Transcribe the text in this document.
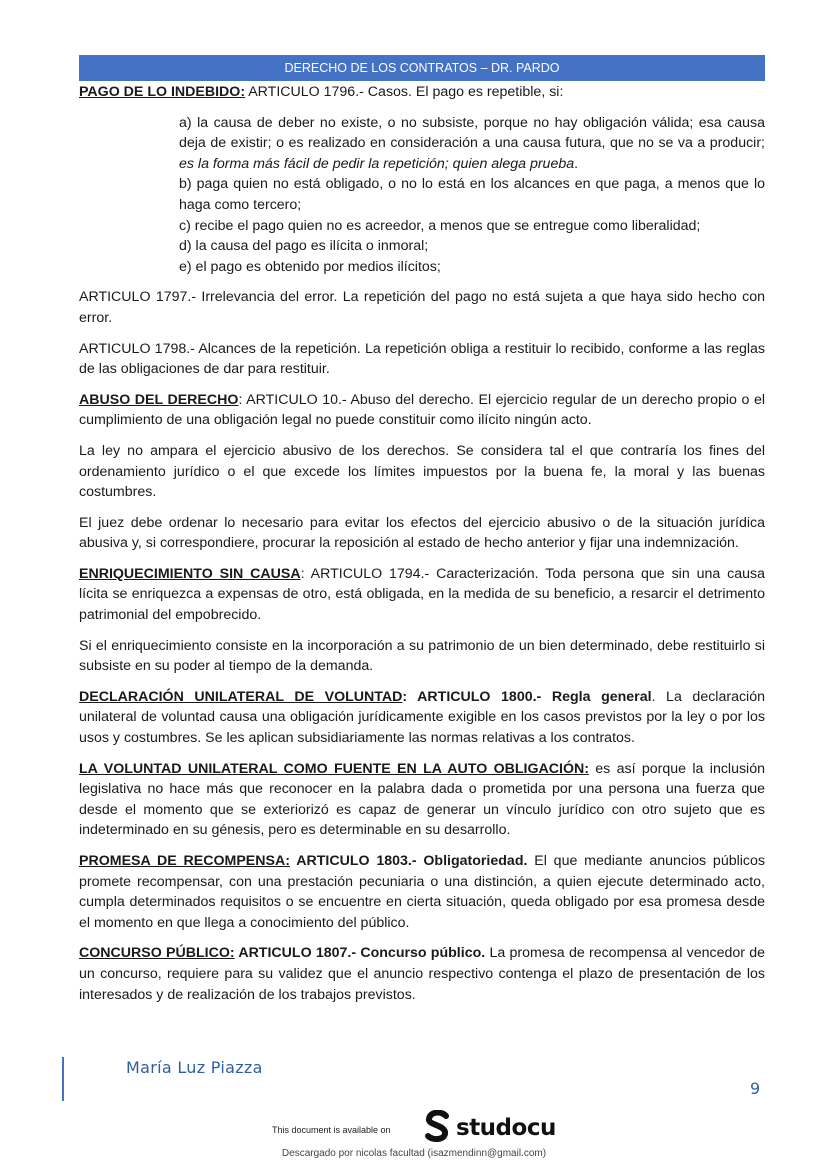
DERECHO DE LOS CONTRATOS – DR. PARDO

PAGO DE LO INDEBIDO: ARTICULO 1796.- Casos. El pago es repetible, si:

a) la causa de deber no existe, o no subsiste, porque no hay obligación válida; esa causa deja de existir; o es realizado en consideración a una causa futura, que no se va a producir; es la forma más fácil de pedir la repetición; quien alega prueba.
b) paga quien no está obligado, o no lo está en los alcances en que paga, a menos que lo haga como tercero;
c) recibe el pago quien no es acreedor, a menos que se entregue como liberalidad;
d) la causa del pago es ilícita o inmoral;
e) el pago es obtenido por medios ilícitos;

ARTICULO 1797.- Irrelevancia del error. La repetición del pago no está sujeta a que haya sido hecho con error.

ARTICULO 1798.- Alcances de la repetición. La repetición obliga a restituir lo recibido, conforme a las reglas de las obligaciones de dar para restituir.

ABUSO DEL DERECHO: ARTICULO 10.- Abuso del derecho. El ejercicio regular de un derecho propio o el cumplimiento de una obligación legal no puede constituir como ilícito ningún acto.

La ley no ampara el ejercicio abusivo de los derechos. Se considera tal el que contraría los fines del ordenamiento jurídico o el que excede los límites impuestos por la buena fe, la moral y las buenas costumbres.

El juez debe ordenar lo necesario para evitar los efectos del ejercicio abusivo o de la situación jurídica abusiva y, si correspondiere, procurar la reposición al estado de hecho anterior y fijar una indemnización.

ENRIQUECIMIENTO SIN CAUSA: ARTICULO 1794.- Caracterización. Toda persona que sin una causa lícita se enriquezca a expensas de otro, está obligada, en la medida de su beneficio, a resarcir el detrimento patrimonial del empobrecido.

Si el enriquecimiento consiste en la incorporación a su patrimonio de un bien determinado, debe restituirlo si subsiste en su poder al tiempo de la demanda.

DECLARACIÓN UNILATERAL DE VOLUNTAD: ARTICULO 1800.- Regla general. La declaración unilateral de voluntad causa una obligación jurídicamente exigible en los casos previstos por la ley o por los usos y costumbres. Se les aplican subsidiariamente las normas relativas a los contratos.

LA VOLUNTAD UNILATERAL COMO FUENTE EN LA AUTO OBLIGACIÓN: es así porque la inclusión legislativa no hace más que reconocer en la palabra dada o prometida por una persona una fuerza que desde el momento que se exteriorizó es capaz de generar un vínculo jurídico con otro sujeto que es indeterminado en su génesis, pero es determinable en su desarrollo.

PROMESA DE RECOMPENSA: ARTICULO 1803.- Obligatoriedad. El que mediante anuncios públicos promete recompensar, con una prestación pecuniaria o una distinción, a quien ejecute determinado acto, cumpla determinados requisitos o se encuentre en cierta situación, queda obligado por esa promesa desde el momento en que llega a conocimiento del público.

CONCURSO PÚBLICO: ARTICULO 1807.- Concurso público. La promesa de recompensa al vencedor de un concurso, requiere para su validez que el anuncio respectivo contenga el plazo de presentación de los interesados y de realización de los trabajos previstos.

María Luz Piazza
9
This document is available on	studocu
Descargado por nicolas facultad (isazmendinn@gmail.com)
